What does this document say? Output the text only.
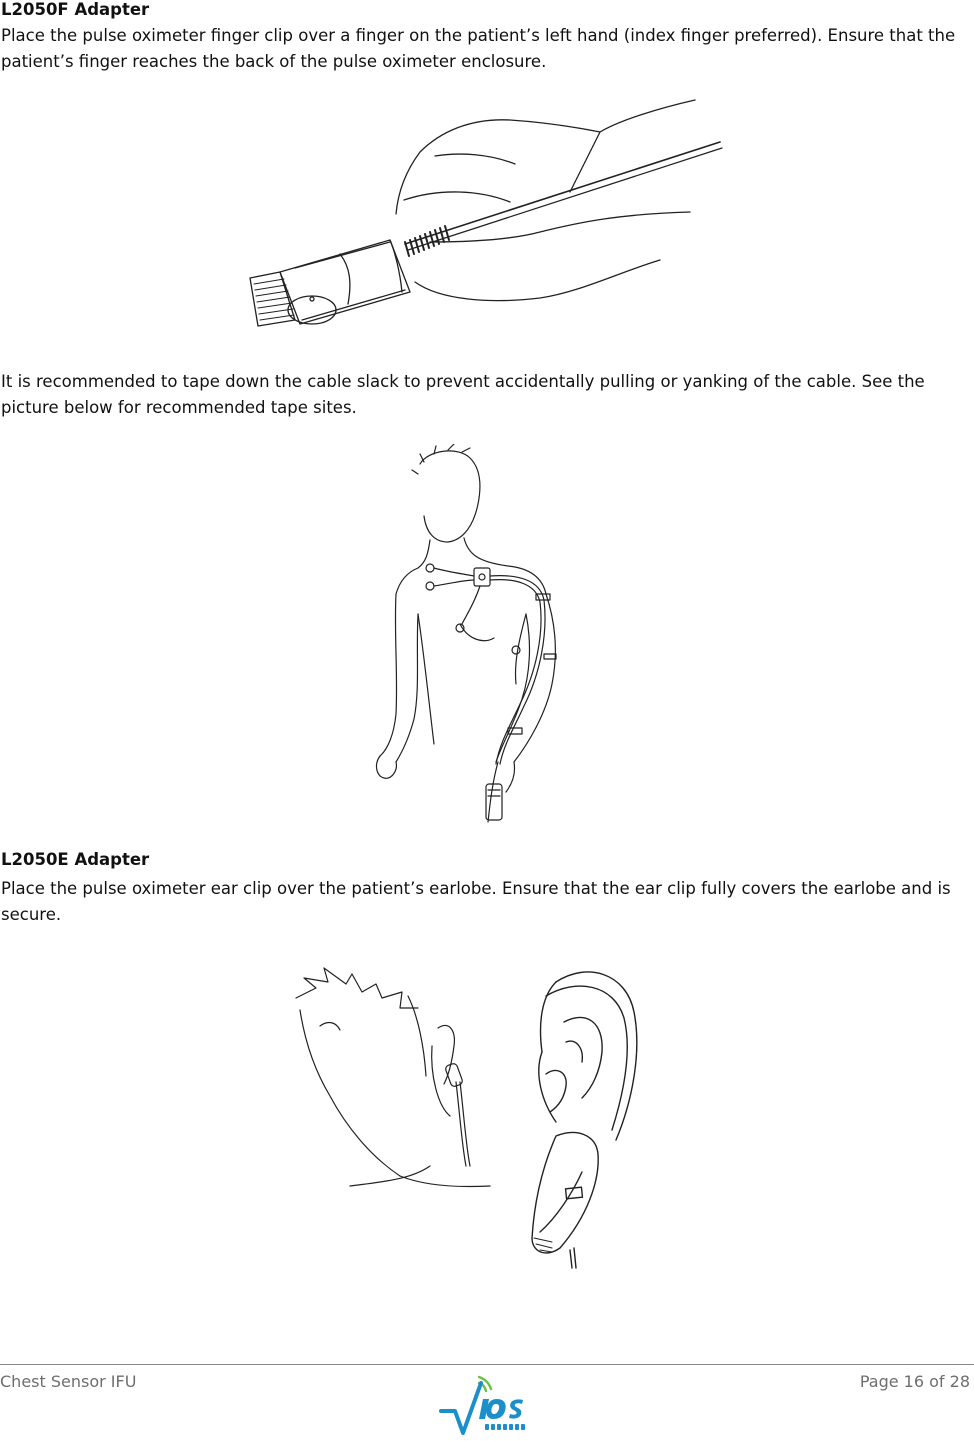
L2050F Adapter

Place the pulse oximeter finger clip over a finger on the patient’s left hand (index finger preferred). Ensure that the patient’s finger reaches the back of the pulse oximeter enclosure.

It is recommended to tape down the cable slack to prevent accidentally pulling or yanking of the cable. See the picture below for recommended tape sites.

L2050E Adapter

Place the pulse oximeter ear clip over the patient’s earlobe. Ensure that the ear clip fully covers the earlobe and is secure.

Chest Sensor IFU	Page 16 of 28
